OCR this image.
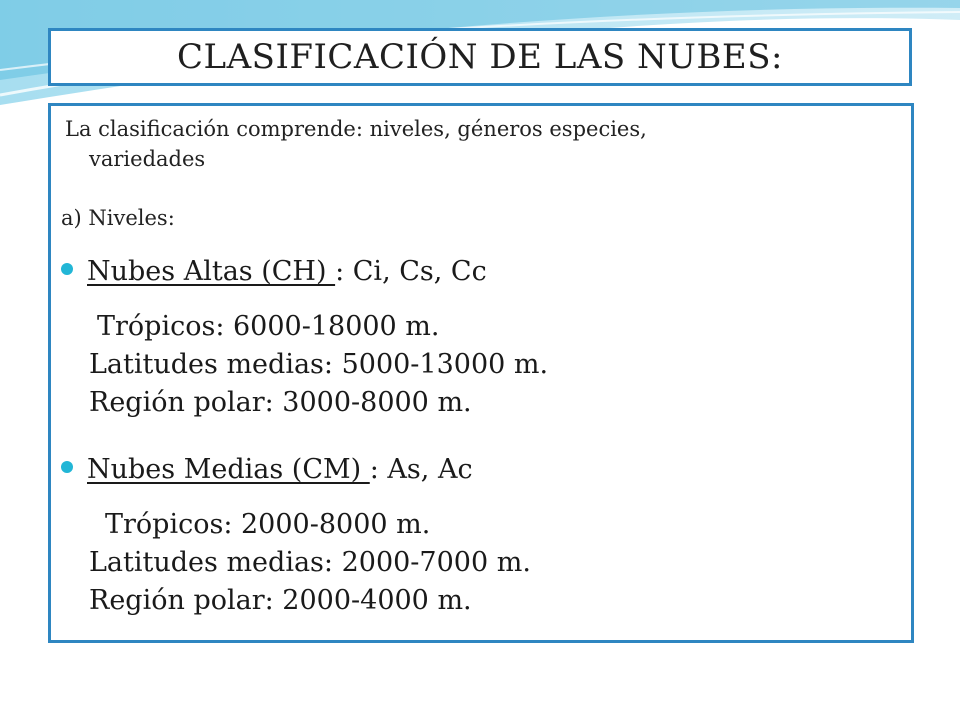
CLASIFICACIÓN DE LAS NUBES:
La clasificación comprende: niveles, géneros especies,
variedades
a) Niveles:
Nubes Altas (CH) : Ci, Cs, Cc
Trópicos: 6000-18000 m.
Latitudes medias: 5000-13000 m.
Región polar: 3000-8000 m.
Nubes Medias (CM) : As, Ac
Trópicos: 2000-8000 m.
Latitudes medias: 2000-7000 m.
Región polar: 2000-4000 m.
